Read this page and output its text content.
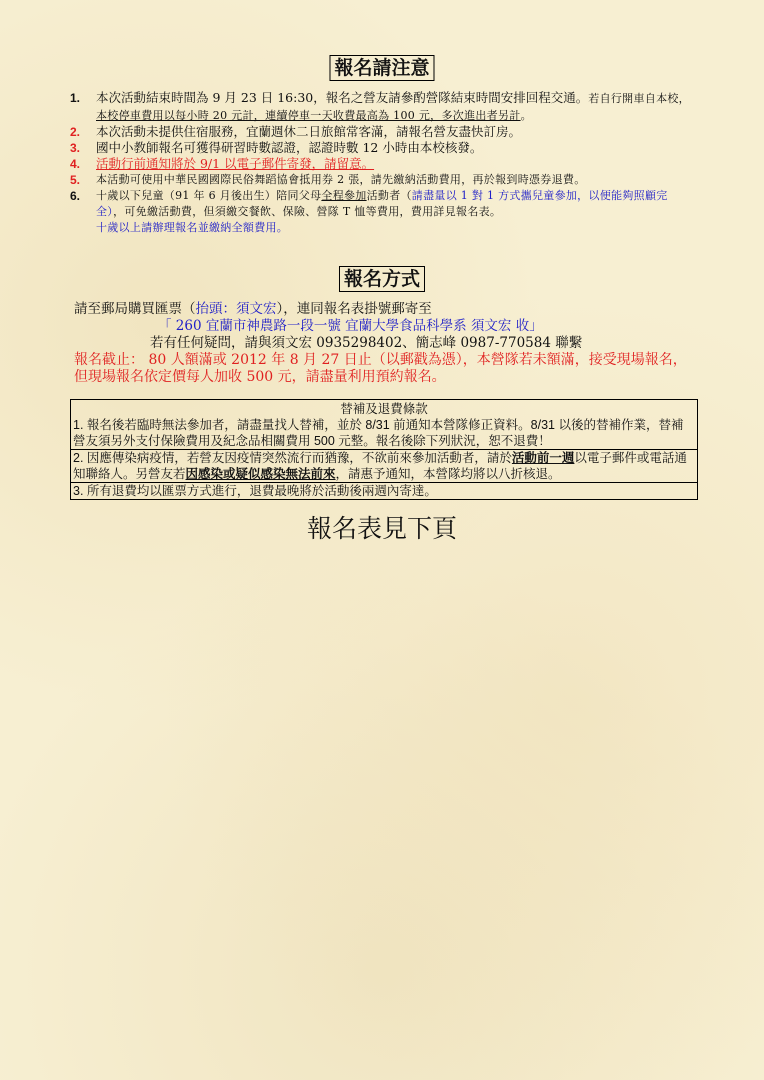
報名請注意
1.	本次活動結束時間為 9 月 23 日 16:30，報名之營友請參酌營隊結束時間安排回程交通。若自行開車自本校，本校停車費用以每小時 20 元計，連續停車一天收費最高為 100 元，多次進出者另計。
2.	本次活動未提供住宿服務，宜蘭週休二日旅館常客滿，請報名營友盡快訂房。
3.	國中小教師報名可獲得研習時數認證，認證時數 12 小時由本校核發。
4.	活動行前通知將於 9/1 以電子郵件寄發，請留意。
5.	本活動可使用中華民國國際民俗舞蹈協會抵用券 2 張，請先繳納活動費用，再於報到時憑券退費。
6.	十歲以下兒童（91 年 6 月後出生）陪同父母全程參加活動者（請盡量以 1 對 1 方式攜兒童參加，以便能夠照顧完全），可免繳活動費，但須繳交餐飲、保險、營隊 T 恤等費用，費用詳見報名表。
十歲以上請辦理報名並繳納全額費用。
報名方式
請至郵局購買匯票（抬頭：須文宏），連同報名表掛號郵寄至
「 260 宜蘭市神農路一段一號 宜蘭大學食品科學系 須文宏 收」
若有任何疑問，請與須文宏 0935298402、簡志峰 0987-770584 聯繫
報名截止： 80 人額滿或 2012 年 8 月 27 日止（以郵戳為憑），本營隊若未額滿，接受現場報名，但現場報名依定價每人加收 500 元，請盡量利用預約報名。
替補及退費條款
1. 報名後若臨時無法參加者，請盡量找人替補，並於 8/31 前通知本營隊修正資料。8/31 以後的替補作業，替補營友須另外支付保險費用及紀念品相關費用 500 元整。報名後除下列狀況，恕不退費！
2. 因應傳染病疫情，若營友因疫情突然流行而猶豫，不欲前來參加活動者，請於活動前一週以電子郵件或電話通知聯絡人。另營友若因感染或疑似感染無法前來，請惠予通知，本營隊均將以八折核退。
3. 所有退費均以匯票方式進行，退費最晚將於活動後兩週內寄達。
報名表見下頁
